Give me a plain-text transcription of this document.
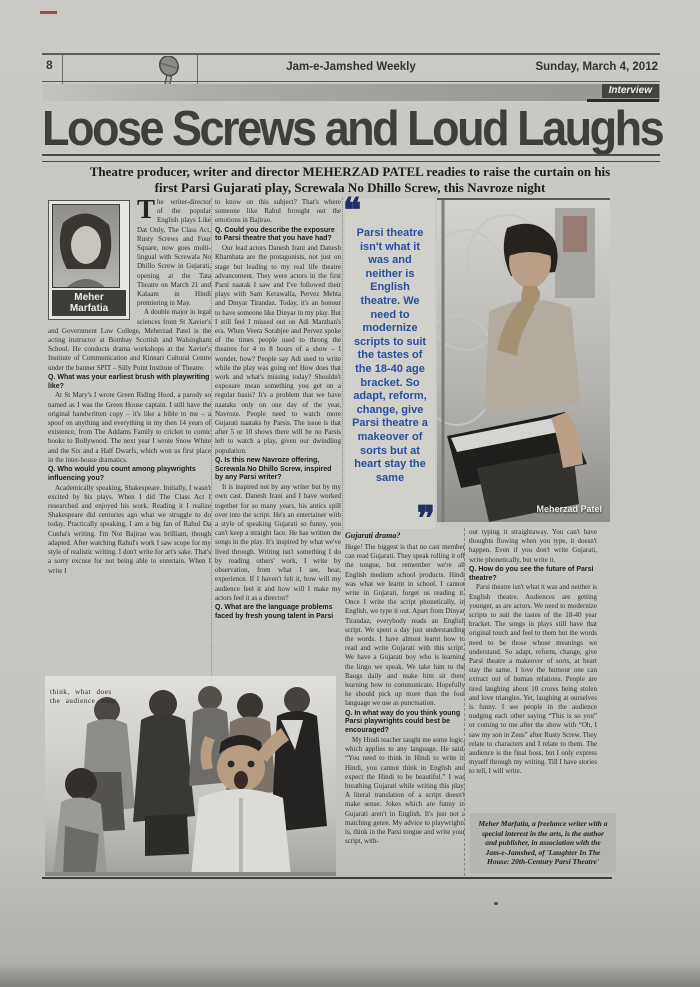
8	Jam-e-Jamshed Weekly	Sunday, March 4, 2012
Interview
Loose Screws and Loud Laughs

Theatre producer, writer and director MEHERZAD PATEL readies to raise the curtain on his first Parsi Gujarati play, Screwala No Dhillo Screw, this Navroze night

Meher
Marfatia

The writer-director of the popular English plays Like Dat Only, The Class Act, Rusty Screws and Four Square, now goes multi-lingual with Screwala No Dhillo Screw in Gujarati, opening at the Tata Theatre on March 21 and Kalaam in Hindi premiering in May.

A double major in legal sciences from St Xavier's and Government Law College, Meherzad Patel is the acting instructor at Bombay Scottish and Walsingham School. He conducts drama workshops at the Xavier's Institute of Communication and Kinnari Cultural Centre under the banner SPIT – Silly Point Institute of Theatre.

Q. What was your earliest brush with playwriting like?

At St Mary's I wrote Green Riding Hood, a parody so named as I was the Green House captain. I still have the original handwritten copy – it's like a bible to me – a spoof on anything and everything in my then 14 years of existence, from The Addams Family to cricket to comic books to Bollywood. The next year I wrote Snow White and the Six and a Half Dwarfs, which won us first place in the inter-house dramatics.

Q. Who would you count among playwrights influencing you?

Academically speaking, Shakespeare. Initially, I wasn't excited by his plays. When I did The Class Act I researched and enjoyed his work. Reading it I realize Shakespeare did centuries ago what we struggle to do today. Practically speaking, I am a big fan of Rahul Da Cunha's writing. I'm Not Bajirao was brilliant, though adapted. After watching Rahul's work I saw scope for my style of realistic writing. I don't write for art's sake. That's a sorry excuse for not being able to entertain. When I write I

think, what does the audience want

to know on this subject? That's where someone like Rahul brought out the emotions in Bajirao.

Q. Could you describe the exposure to Parsi theatre that you have had?

Our lead actors Danesh Irani and Danesh Khambata are the protagonists, not just on stage but leading to my real life theatre advancement. They were actors in the first Parsi naatak I saw and I've followed their plays with Sam Kerawalla, Pervez Mehta and Dinyar Tirandaz. Today, it's an honour to have someone like Dinyar in my play. But I still feel I missed out on Adi Marzban's era. When Veera Sorabjee and Pervez spoke of the times people used to throng the theatres for 4 to 8 hours of a show – I wonder, how? People say Adi used to write while the play was going on! How does that work and what's missing today? Shouldn't exposure mean something you get on a regular basis? It's a problem that we have naataks only on one day of the year, Navroze. People need to watch more Gujarati naataks by Parsis. The issue is that after 5 or 10 shows there will be no Parsis left to watch a play, given our dwindling population.

Q. Is this new Navroze offering, Screwala No Dhillo Screw, inspired by any Parsi writer?

It is inspired not by any writer but by my own cast. Danesh Irani and I have worked together for so many years, his antics spill over into the script. He's an entertainer with a style of speaking Gujarati so funny, you can't keep a straight face. He has written the songs in the play. It's inspired by what we've lived through. Writing isn't something I do by reading others' work, I write by observation, from what I see, hear, experience. If I haven't felt it, how will my audience feel it and how will I make my actors feel it as a director?

Q. What are the language problems faced by fresh young talent in Parsi

❝

Parsi theatre isn't what it was and neither is English theatre. We need to modernize scripts to suit the tastes of the 18-40 age bracket. So adapt, reform, change, give Parsi theatre a makeover of sorts but at heart stay the same

❞	Meherzad Patel
Gujarati drama?

Huge! The biggest is that no cast member can read Gujarati. They speak rolling it off the tongue, but remember we're all English medium school products. Hindi was what we learnt in school. I cannot write in Gujarati, forget us reading it. Once I write the script phonetically, in English, we type it out. Apart from Dinyar Tirandaz, everybody reads an English script. We spent a day just understanding the words. I have almost learnt how to read and write Gujarati with this script. We have a Gujarati boy who is learning the lingo we speak. We take him to the Baugs daily and make him sit there learning how to communicate. Hopefully he should pick up more than the foul language we use as punctuation.

Q. In what way do you think young Parsi playwrights could best be encouraged?

My Hindi teacher taught me some logic, which applies to any language. He said, “You need to think in Hindi to write in Hindi, you cannot think in English and expect the Hindi to be beautiful.” I was breathing Gujarati while writing this play. A literal translation of a script doesn't make sense. Jokes which are funny in Gujarati aren't in English. It's just not a matching genre. My advice to playwrights is, think in the Parsi tongue and write your script, with-

out typing it straightaway. You can't have thoughts flowing when you type, it doesn't happen. Even if you don't write Gujarati, write phonetically, but write it.

Q. How do you see the future of Parsi theatre?

Parsi theatre isn't what it was and neither is English theatre. Audiences are getting younger, as are actors. We need to modernize scripts to suit the tastes of the 18-40 year bracket. The songs in plays still have that original touch and feel to them but the words need to be those whose meanings we understand. So adapt, reform, change, give Parsi theatre a makeover of sorts, at heart stay the same. I love the humour one can extract out of human relations. People are tired laughing about 10 crores being stolen and love triangles. Yet, laughing at ourselves is funny. I see people in the audience nudging each other saying “This is so you” or coming to me after the show with “Oh, I saw my son in Zeus” after Rusty Screw. They relate to characters and I relate to them. The audience is the final boss, but I only express myself through my writing. Till I have stories to tell, I will write.

Meher Marfatia, a freelance writer with a special interest in the arts, is the author and publisher, in association with the Jam-e-Jamshed, of 'Laughter In The House: 20th-Century Parsi Theatre'
